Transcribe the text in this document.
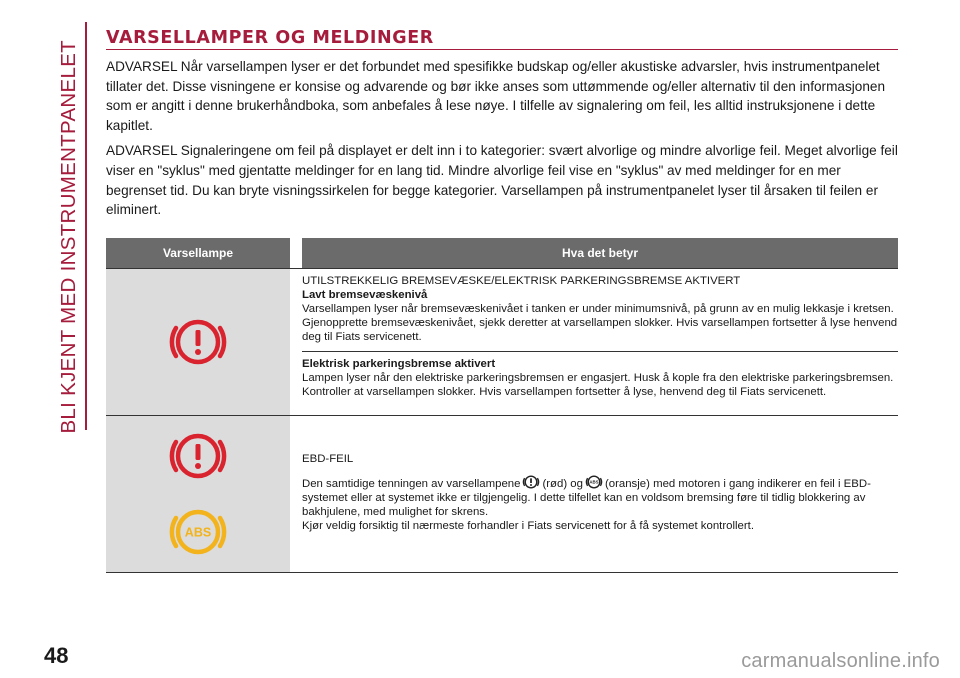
BLI KJENT MED INSTRUMENTPANELET
48
VARSELLAMPER OG MELDINGER

ADVARSEL Når varsellampen lyser er det forbundet med spesifikke budskap og/eller akustiske advarsler, hvis instrumentpanelet tillater det. Disse visningene er konsise og advarende og bør ikke anses som uttømmende og/eller alternativ til den informasjonen som er angitt i denne brukerhåndboka, som anbefales å lese nøye. I tilfelle av signalering om feil, les alltid instruksjonene i dette kapitlet.

ADVARSEL Signaleringene om feil på displayet er delt inn i to kategorier: svært alvorlige og mindre alvorlige feil. Meget alvorlige feil viser en "syklus" med gjentatte meldinger for en lang tid. Mindre alvorlige feil vise en "syklus" av med meldinger for en mer begrenset tid. Du kan bryte visningssirkelen for begge kategorier. Varsellampen på instrumentpanelet lyser til årsaken til feilen er eliminert.

Varsellampe	Hva det betyr
UTILSTREKKELIG BREMSEVÆSKE/ELEKTRISK PARKERINGSBREMSE AKTIVERT
Lavt bremsevæskenivå
Varsellampen lyser når bremsevæskenivået i tanken er under minimumsnivå, på grunn av en mulig lekkasje i kretsen. Gjenopprette bremsevæskenivået, sjekk deretter at varsellampen slokker. Hvis varsellampen fortsetter å lyse henvend deg til Fiats servicenett.
Elektrisk parkeringsbremse aktivert
Lampen lyser når den elektriske parkeringsbremsen er engasjert. Husk å kople fra den elektriske parkeringsbremsen. Kontroller at varsellampen slokker. Hvis varsellampen fortsetter å lyse, henvend deg til Fiats servicenett.
ABS

EBD-FEIL

Den samtidige tenningen av varsellampene (rød) og ABS (oransje) med motoren i gang indikerer en feil i EBD-systemet eller at systemet ikke er tilgjengelig. I dette tilfellet kan en voldsom bremsing føre til tidlig blokkering av bakhjulene, med mulighet for skrens.
Kjør veldig forsiktig til nærmeste forhandler i Fiats servicenett for å få systemet kontrollert.

carmanualsonline.info
